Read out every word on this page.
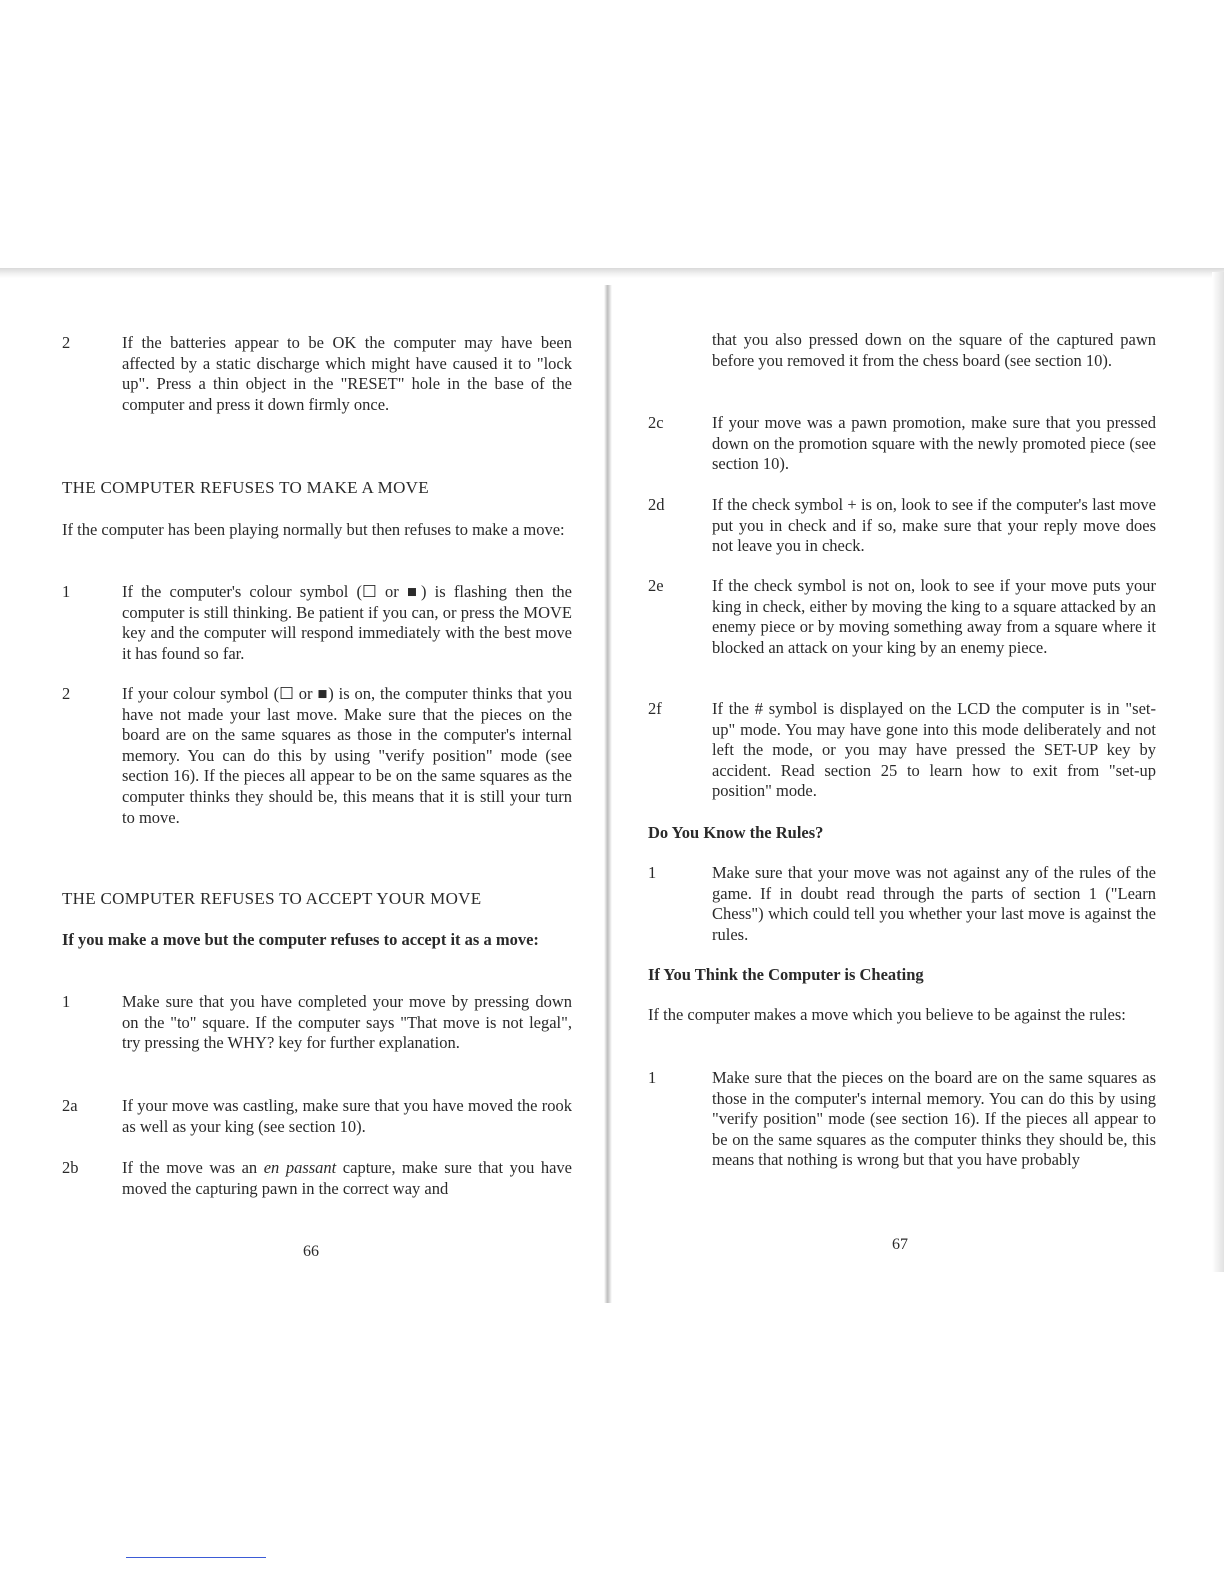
2	If the batteries appear to be OK the computer may have been affected by a static discharge which might have caused it to "lock up". Press a thin object in the "RESET" hole in the base of the computer and press it down firmly once.
THE COMPUTER REFUSES TO MAKE A MOVE
If the computer has been playing normally but then refuses to make a move:
1	If the computer's colour symbol (☐ or ■) is flashing then the computer is still thinking. Be patient if you can, or press the MOVE key and the computer will respond immediately with the best move it has found so far.
2	If your colour symbol (☐ or ■) is on, the computer thinks that you have not made your last move. Make sure that the pieces on the board are on the same squares as those in the computer's internal memory. You can do this by using "verify position" mode (see section 16). If the pieces all appear to be on the same squares as the computer thinks they should be, this means that it is still your turn to move.
THE COMPUTER REFUSES TO ACCEPT YOUR MOVE
If you make a move but the computer refuses to accept it as a move:
1	Make sure that you have completed your move by pressing down on the "to" square. If the computer says "That move is not legal", try pressing the WHY? key for further explanation.
2a	If your move was castling, make sure that you have moved the rook as well as your king (see section 10).
2b	If the move was an en passant capture, make sure that you have moved the capturing pawn in the correct way and
66
that you also pressed down on the square of the captured pawn before you removed it from the chess board (see section 10).
2c	If your move was a pawn promotion, make sure that you pressed down on the promotion square with the newly promoted piece (see section 10).
2d	If the check symbol + is on, look to see if the computer's last move put you in check and if so, make sure that your reply move does not leave you in check.
2e	If the check symbol is not on, look to see if your move puts your king in check, either by moving the king to a square attacked by an enemy piece or by moving something away from a square where it blocked an attack on your king by an enemy piece.
2f	If the # symbol is displayed on the LCD the computer is in "set-up" mode. You may have gone into this mode deliberately and not left the mode, or you may have pressed the SET-UP key by accident. Read section 25 to learn how to exit from "set-up position" mode.
Do You Know the Rules?
1	Make sure that your move was not against any of the rules of the game. If in doubt read through the parts of section 1 ("Learn Chess") which could tell you whether your last move is against the rules.
If You Think the Computer is Cheating
If the computer makes a move which you believe to be against the rules:
1	Make sure that the pieces on the board are on the same squares as those in the computer's internal memory. You can do this by using "verify position" mode (see section 16). If the pieces all appear to be on the same squares as the computer thinks they should be, this means that nothing is wrong but that you have probably
67
